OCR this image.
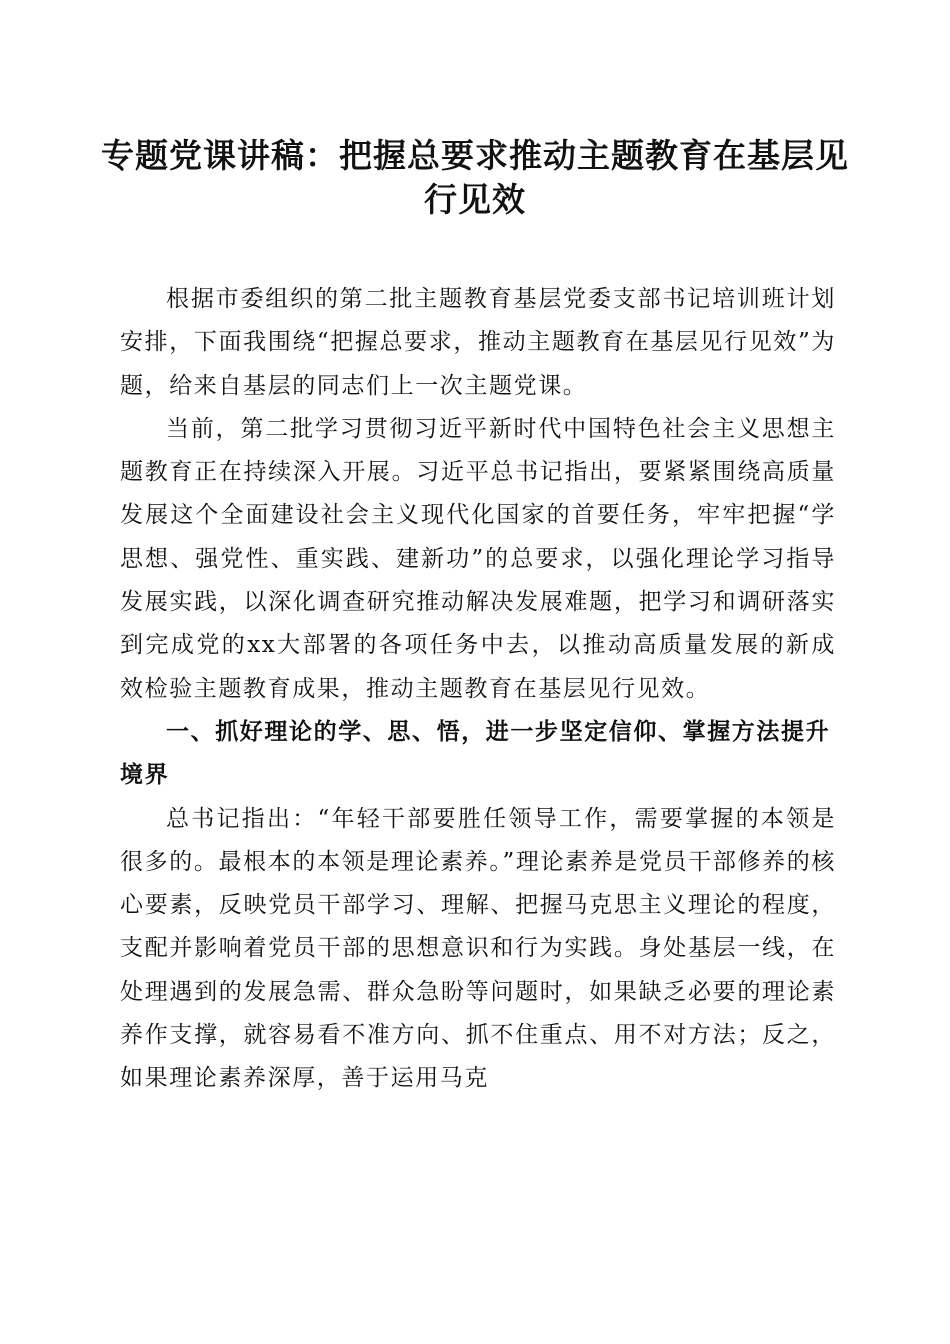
专题党课讲稿：把握总要求推动主题教育在基层见行见效

根据市委组织的第二批主题教育基层党委支部书记培训班计划安排，下面我围绕“把握总要求，推动主题教育在基层见行见效”为题，给来自基层的同志们上一次主题党课。

当前，第二批学习贯彻习近平新时代中国特色社会主义思想主题教育正在持续深入开展。习近平总书记指出，要紧紧围绕高质量发展这个全面建设社会主义现代化国家的首要任务，牢牢把握“学思想、强党性、重实践、建新功”的总要求，以强化理论学习指导发展实践，以深化调查研究推动解决发展难题，把学习和调研落实到完成党的xx大部署的各项任务中去，以推动高质量发展的新成效检验主题教育成果，推动主题教育在基层见行见效。

一、抓好理论的学、思、悟，进一步坚定信仰、掌握方法提升境界

总书记指出：“年轻干部要胜任领导工作，需要掌握的本领是很多的。最根本的本领是理论素养。”理论素养是党员干部修养的核心要素，反映党员干部学习、理解、把握马克思主义理论的程度，支配并影响着党员干部的思想意识和行为实践。身处基层一线，在处理遇到的发展急需、群众急盼等问题时，如果缺乏必要的理论素养作支撑，就容易看不准方向、抓不住重点、用不对方法；反之，如果理论素养深厚，善于运用马克
